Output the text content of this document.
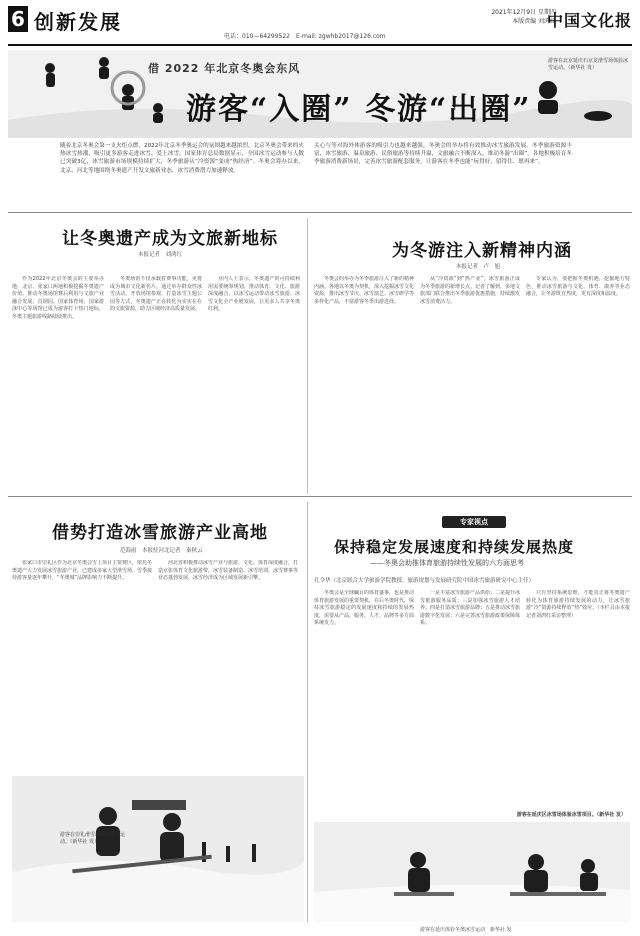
6 创新发展
电话：010—64299522　E-mail: zgwhb2017@126.com
2021年12月9日 星期四
本版责编 刘鸿红
中国文化报
借 2022 年北京冬奥会东风
游客“入圈” 冬游“出圈”
游客在北京延庆石京龙滑雪场体验冰雪运动。（新华社 发）
随着北京冬奥会第一支火炬点燃，2022年北京冬季奥运会的氛围越来越浓烈，北京冬奥会带来的火热冰雪热潮，吸引更多游客走进冰雪、爱上冰雪。国家体育总局数据显示，全国冰雪运动参与人数已突破3亿，冰雪旅游市场规模持续扩大，冬季旅游从“冷资源”变成“热经济”。冬奥会筹办以来，北京、河北等地围绕冬奥遗产开发文旅新业态，冰雪消费潜力加速释放。
关心与等对海外体游客的吸引力也越来越强，冬奥会的举办将有效推动冰雪旅游发展。冬季旅游资源丰富，冰雪旅游、温泉旅游、民俗旅游等持续升温，文旅融合不断深入，推动冬游“出圈”。各地积极培育冬季旅游消费新场景，完善冰雪旅游配套服务，让游客在冬季也能“玩得好、留得住、愿再来”。
让冬奥遗产成为文旅新地标
本报记者　刘鸿红
作为2022年北京冬奥会的主要举办地，北京、张家口两地积极挖掘冬奥遗产价值，推动冬奥场馆赛后利用与文旅产业融合发展。首钢园、国家体育场、国家游泳中心等场馆已成为游客打卡热门地标，冬奥主题旅游线路陆续推出。
冬奥场馆不仅承载着赛事功能，更将成为城市文化新名片。通过举办群众性冰雪活动、开放场馆参观、打造冰雪主题公园等方式，冬奥遗产正在转化为实实在在的文旅资源，助力区域经济高质量发展。
业内人士表示，冬奥遗产的可持续利用需要统筹规划，推动体育、文化、旅游深度融合，以冰雪运动带动冰雪旅游、冰雪文化全产业链发展，让更多人共享冬奥红利。
为冬游注入新精神内涵
本报记者　卢　旭
冬奥会的举办为冬季旅游注入了新的精神内涵。各地以冬奥为契机，深入挖掘冰雪文化资源，推出冰雪节庆、冰雪演艺、冰雪研学等多样化产品，丰富游客冬季出游选择。
从“冷资源”到“热产业”，冰雪旅游正成为冬季旅游的新增长点。记者了解到，多地文旅部门联合推出冬季旅游优惠措施，持续激发冰雪消费活力。
专家认为，要把握冬奥机遇，挖掘地方特色，推动冰雪旅游与文化、体育、康养等业态融合，让冬游既有热度，更有深度和温度。
借势打造冰雪旅游产业高地
范海雨　本报驻河北记者　秦秋云
张家口市崇礼区作为北京冬奥会雪上项目主要赛区，依托冬奥遗产大力发展冰雪旅游产业，已建成多家大型滑雪场，雪季接待游客量逐年攀升，“冬奥城”品牌影响力不断提升。
河北省积极推动冰雪产业与旅游、文化、体育深度融合，打造京张体育文化旅游带，冰雪装备制造、冰雪培训、冰雪赛事等业态蓬勃发展，冰雪经济成为区域发展新引擎。
专家视点
保持稳定发展速度和持续发展热度
——冬奥会助推体育旅游持续性发展的六方面思考
孔令华（北京联合大学旅游学院教授、旅游规划与发展研究院中国冰雪旅游研究中心主任）
冬奥会是全球瞩目的体育盛事，也是推动体育旅游发展的重要契机。在后冬奥时代，保持冰雪旅游稳定的发展速度和持续的发展热度，需要从产品、服务、人才、品牌等多方面系统发力。
一是丰富冰雪旅游产品供给；二是提升冰雪旅游服务品质；三是加强冰雪旅游人才培养；四是打造冰雪旅游品牌；五是推动冰雪旅游数字化发展；六是完善冰雪旅游政策保障体系。
只有坚持系统思维，才能真正将冬奥遗产转化为体育旅游持续发展的动力，让冰雪旅游“冷”资源持续释放“热”效应。（本栏目由本报记者刘鸿红采访整理）
游客在崇礼滑雪场体验冰雪运动。（新华社 发）
游客在延庆区冰雪场体验冰雪项目。（新华社 发）
游客在延庆体验冬奥冰雪运动　新华社 发
